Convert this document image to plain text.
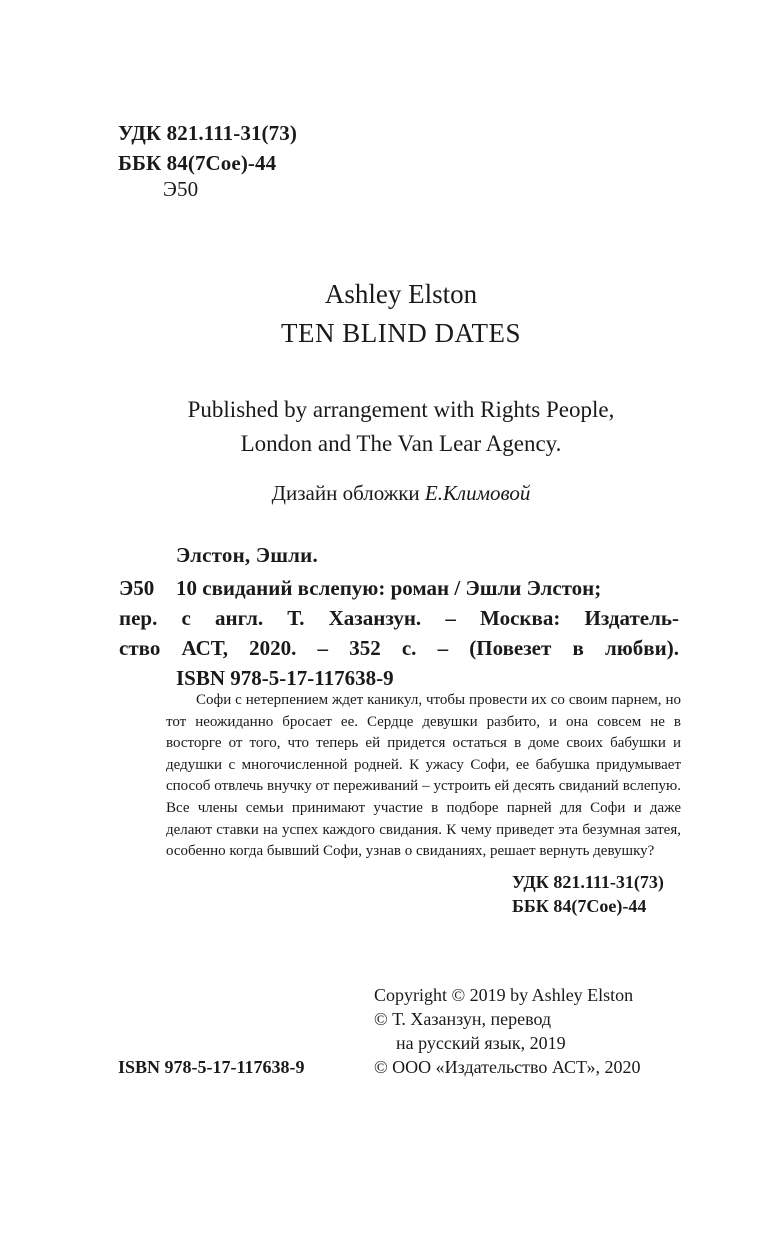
УДК 821.111-31(73)
ББК 84(7Сое)-44
Э50
Ashley Elston
TEN BLIND DATES
Published by arrangement with Rights People,
London and The Van Lear Agency.
Дизайн обложки Е.Климовой
Элстон, Эшли.
Э50	10 свиданий вслепую: роман / Эшли Элстон;
пер. с англ. Т. Хазанзун. – Москва: Издатель-
ство АСТ, 2020. – 352 с. – (Повезет в любви).
ISBN 978-5-17-117638-9

Софи с нетерпением ждет каникул, чтобы провести их со своим парнем, но тот неожиданно бросает ее. Сердце девушки разбито, и она совсем не в восторге от того, что теперь ей придется остаться в доме своих бабушки и дедушки с многочисленной родней. К ужасу Софи, ее бабушка придумывает способ отвлечь внучку от переживаний – устроить ей десять свиданий вслепую. Все члены семьи принимают участие в подборе парней для Софи и даже делают ставки на успех каждого свидания. К чему приведет эта безумная затея, особенно когда бывший Софи, узнав о свиданиях, решает вернуть девушку?

УДК 821.111-31(73)
ББК 84(7Сое)-44
Copyright © 2019 by Ashley Elston
© Т. Хазанзун, перевод
на русский язык, 2019
© ООО «Издательство АСТ», 2020
ISBN 978-5-17-117638-9
